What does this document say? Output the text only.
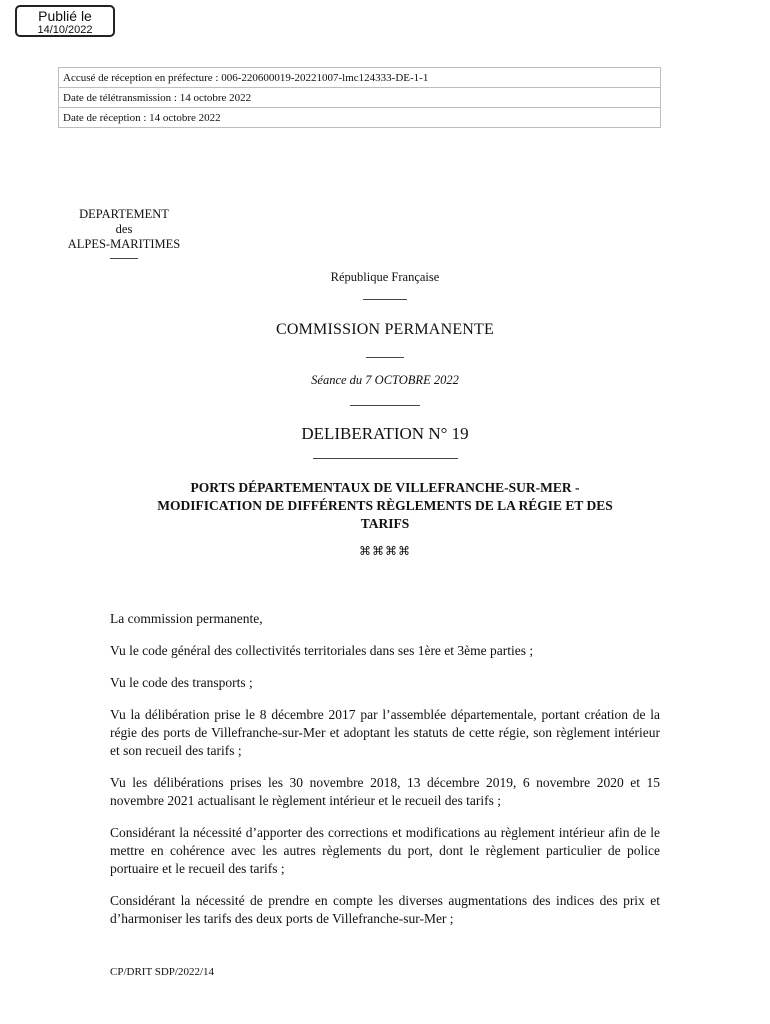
Publié le
14/10/2022
Accusé de réception en préfecture : 006-220600019-20221007-lmc124333-DE-1-1
Date de télétransmission : 14 octobre 2022
Date de réception : 14 octobre 2022
DEPARTEMENT
des
ALPES-MARITIMES
République Française
COMMISSION PERMANENTE
Séance du 7 OCTOBRE 2022
DELIBERATION N° 19
PORTS DÉPARTEMENTAUX DE VILLEFRANCHE-SUR-MER -
MODIFICATION DE DIFFÉRENTS RÈGLEMENTS DE LA RÉGIE ET DES
TARIFS
⌘⌘⌘⌘

La commission permanente,

Vu le code général des collectivités territoriales dans ses 1ère et 3ème parties ;

Vu le code des transports ;

Vu la délibération prise le 8 décembre 2017 par l’assemblée départementale, portant création de la régie des ports de Villefranche-sur-Mer et adoptant les statuts de cette régie, son règlement intérieur et son recueil des tarifs ;

Vu les délibérations prises les 30 novembre 2018, 13 décembre 2019, 6 novembre 2020 et 15 novembre 2021 actualisant le règlement intérieur et le recueil des tarifs ;

Considérant la nécessité d’apporter des corrections et modifications au règlement intérieur afin de le mettre en cohérence avec les autres règlements du port, dont le règlement particulier de police portuaire et le recueil des tarifs ;

Considérant la nécessité de prendre en compte les diverses augmentations des indices des prix et d’harmoniser les tarifs des deux ports de Villefranche-sur-Mer ;

CP/DRIT SDP/2022/14
